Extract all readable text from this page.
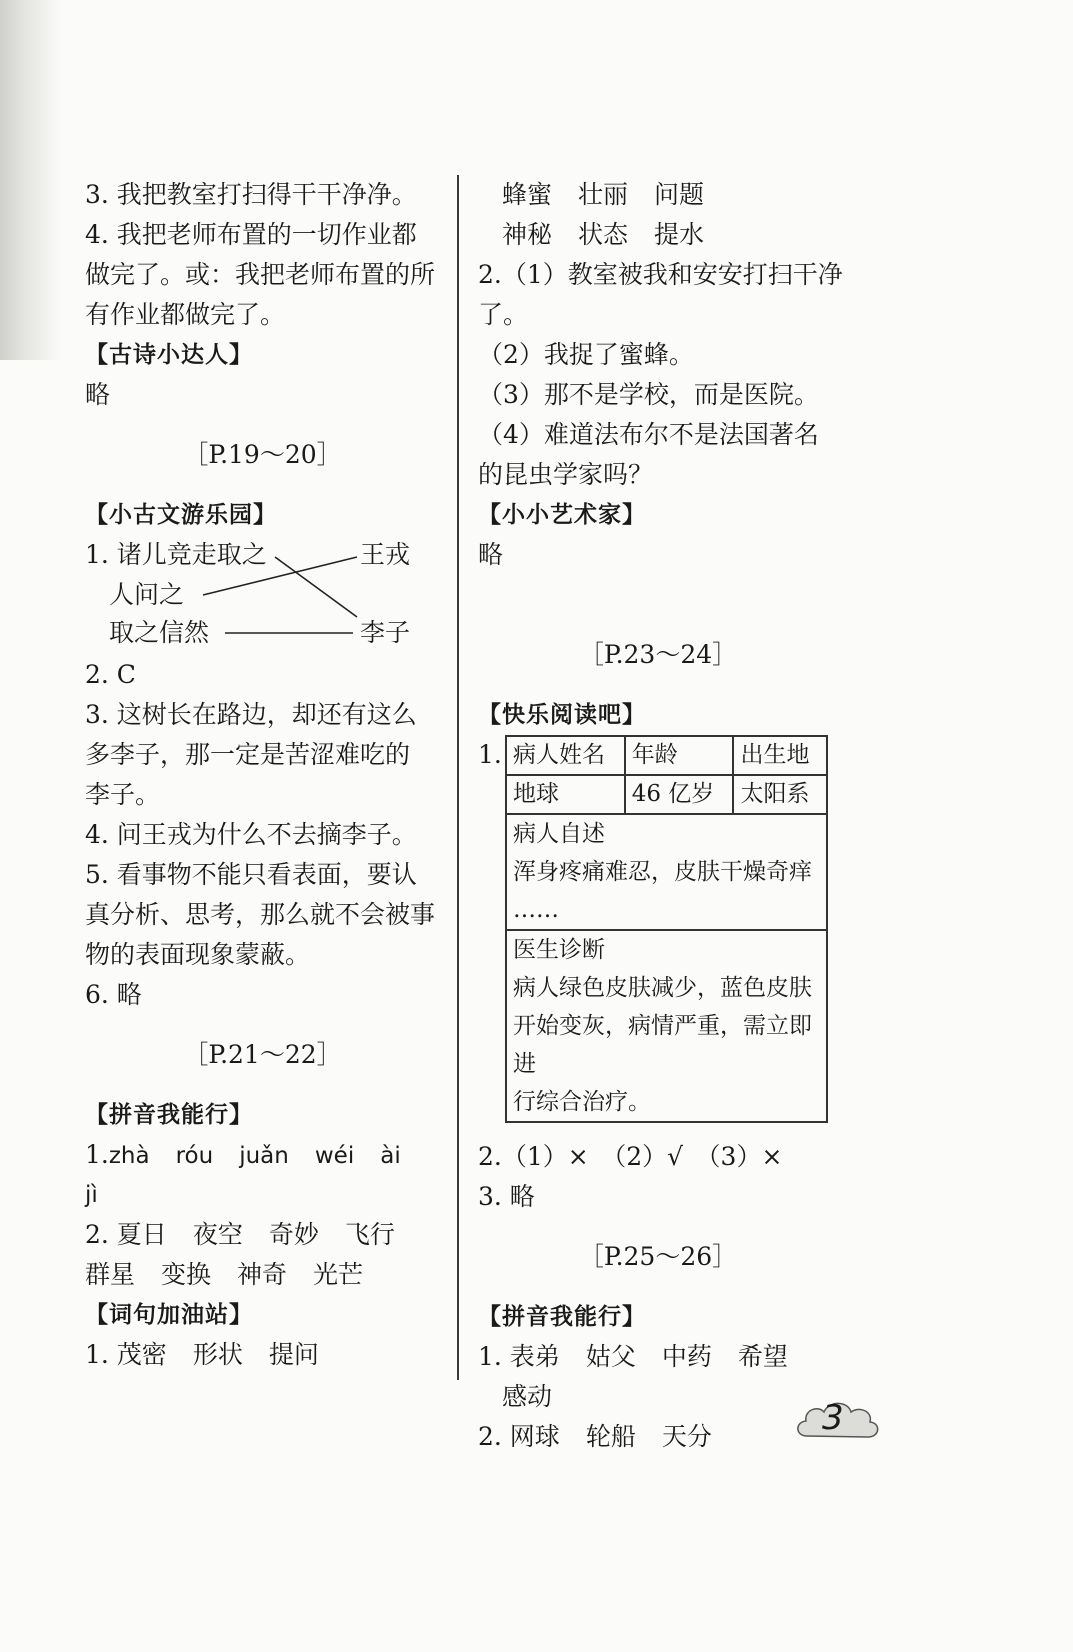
3. 我把教室打扫得干干净净。
4. 我把老师布置的一切作业都
做完了。或：我把老师布置的所
有作业都做完了。
【古诗小达人】
略
［P.19～20］
【小古文游乐园】
1. 诸儿竞走取之
人问之
取之信然
王戎
李子
2. C
3. 这树长在路边，却还有这么
多李子，那一定是苦涩难吃的
李子。
4. 问王戎为什么不去摘李子。
5. 看事物不能只看表面，要认
真分析、思考，那么就不会被事
物的表面现象蒙蔽。
6. 略
［P.21～22］
【拼音我能行】
1.zhà róu juǎn wéi ài
jì
2. 夏日 夜空 奇妙 飞行
群星 变换 神奇 光芒
【词句加油站】
1. 茂密 形状 提问
蜂蜜 壮丽 问题
神秘 状态 提水
2.（1）教室被我和安安打扫干净
了。
（2）我捉了蜜蜂。
（3）那不是学校，而是医院。
（4）难道法布尔不是法国著名
的昆虫学家吗？
【小小艺术家】
略
［P.23～24］
【快乐阅读吧】
1. 病人姓名	年龄	出生地
地球	46 亿岁	太阳系

病人自述
浑身疼痛难忍，皮肤干燥奇痒
……		

医生诊断
病人绿色皮肤减少，蓝色皮肤
开始变灰，病情严重，需立即进
行综合治疗。		
2.（1）×　（2）√　（3）×
3. 略
［P.25～26］
【拼音我能行】
1. 表弟 姑父 中药 希望
感动
2. 网球 轮船 天分	3
